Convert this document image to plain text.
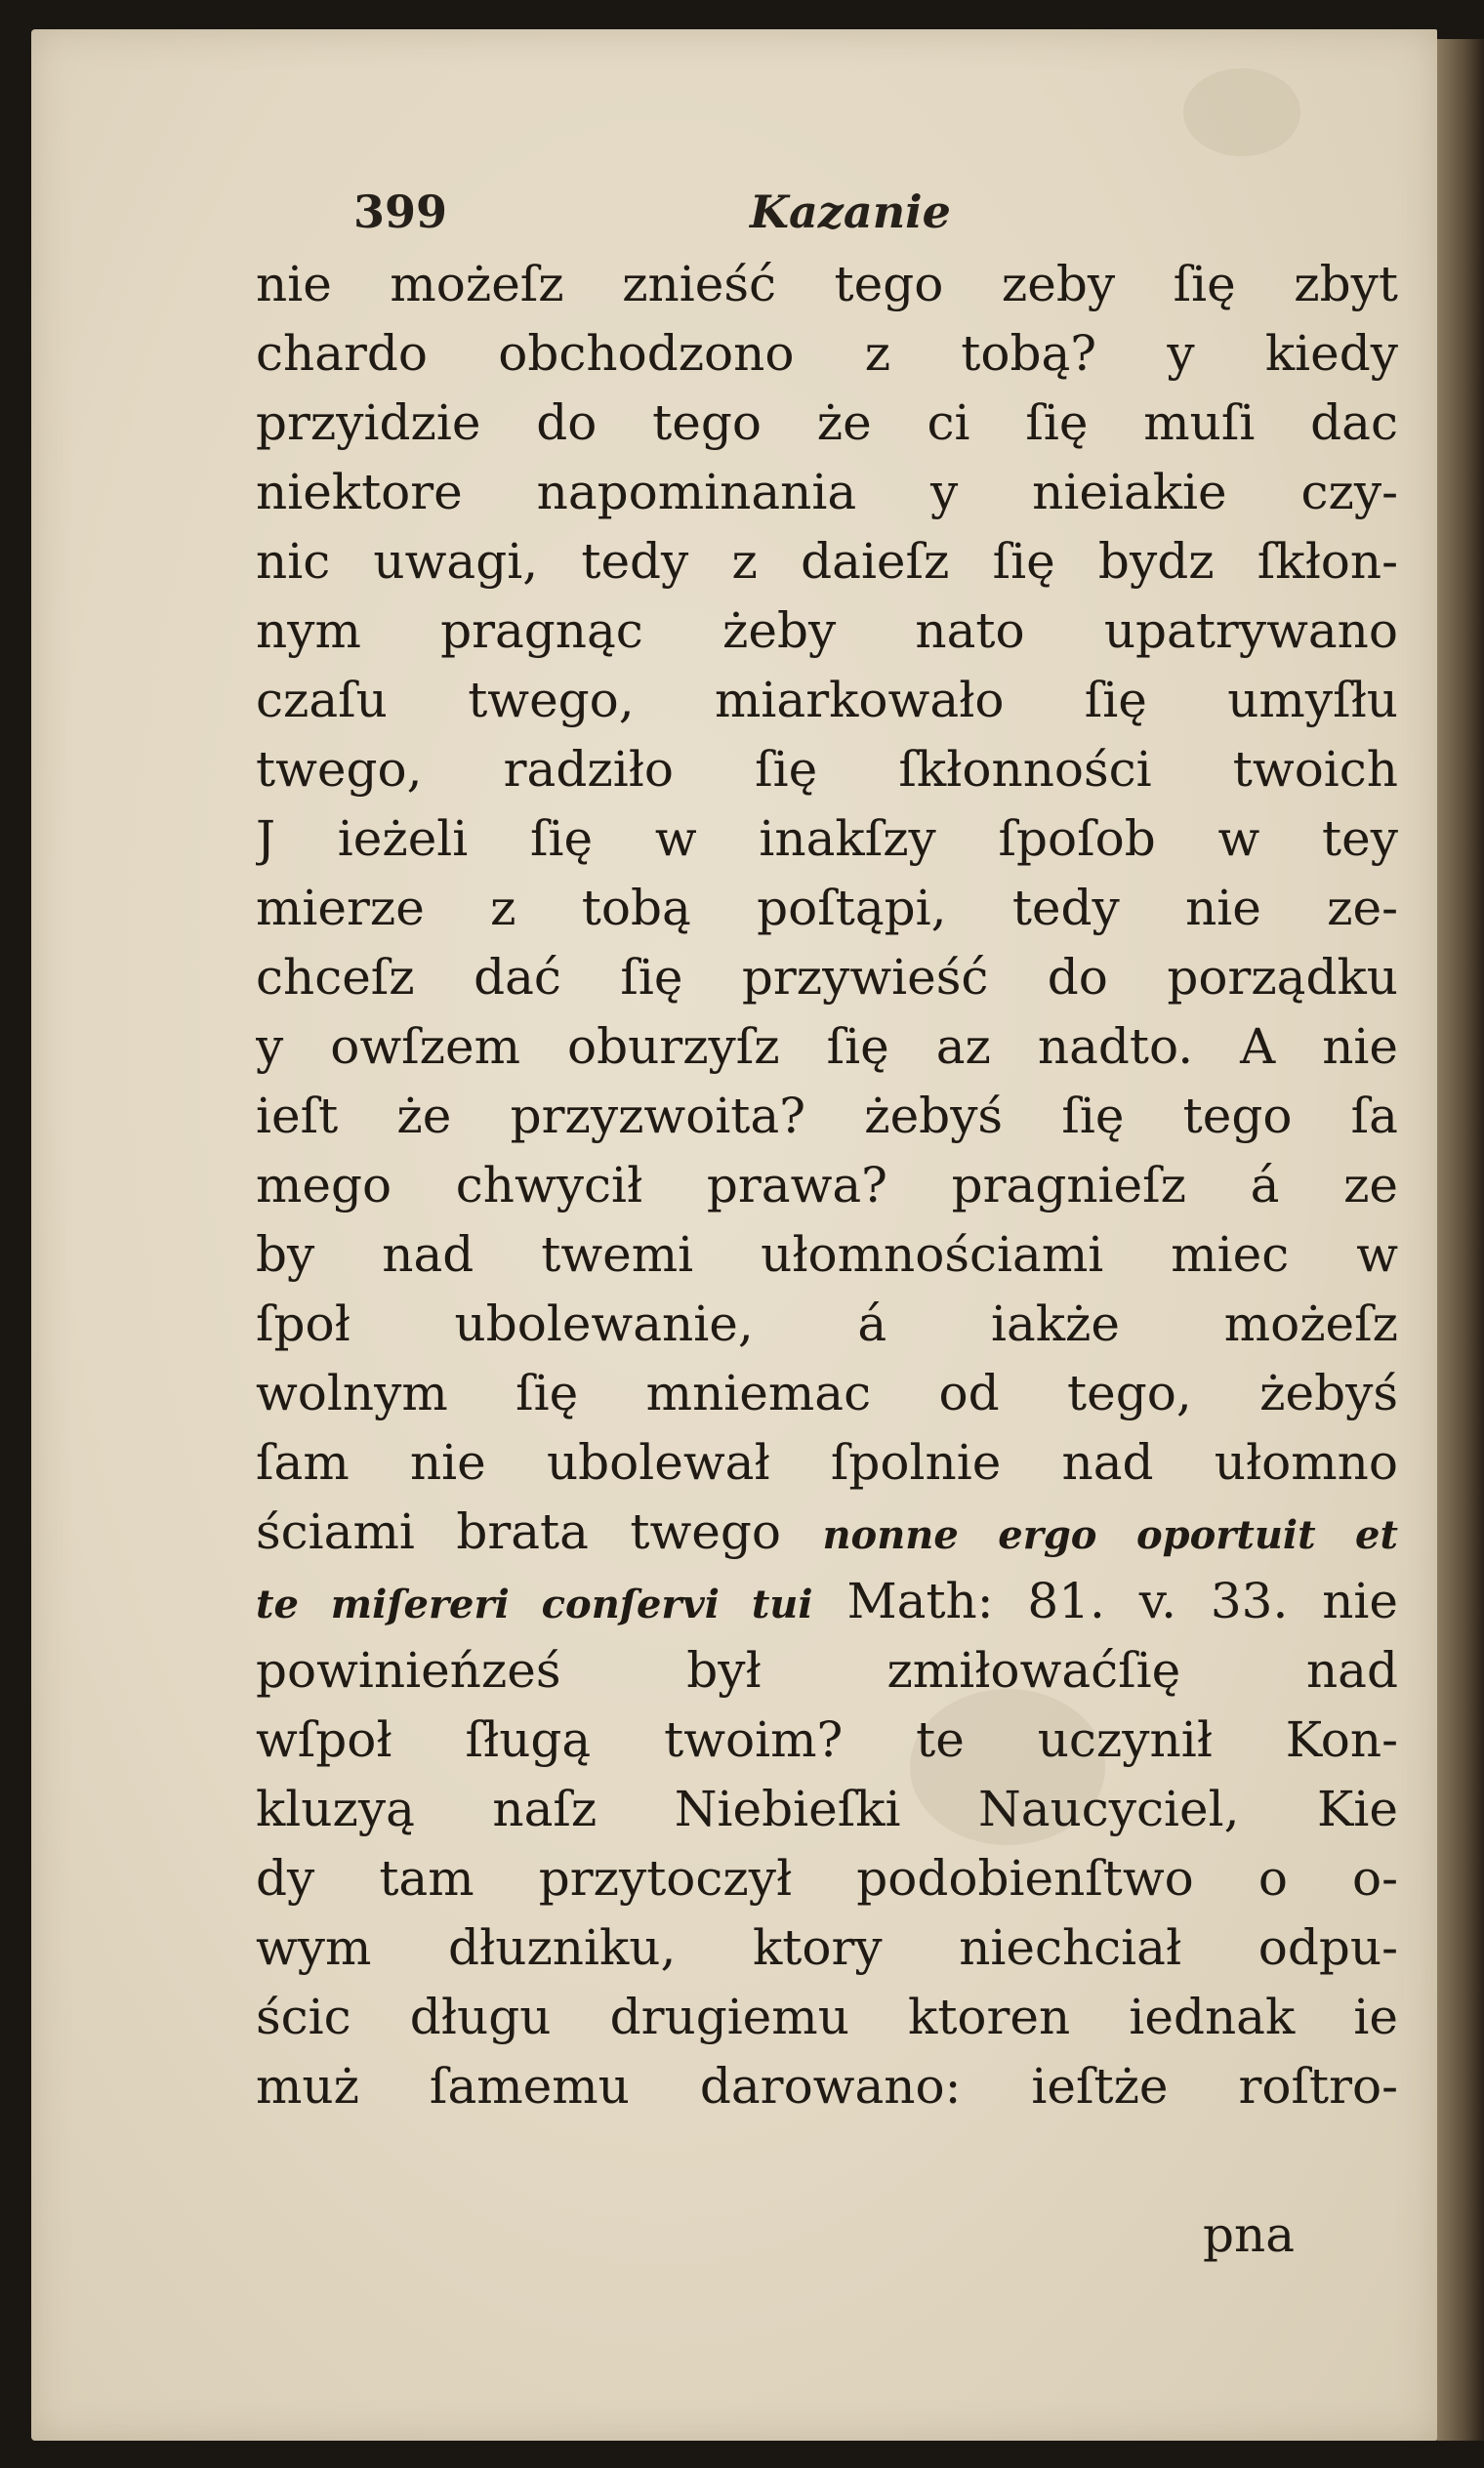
399	Kazanie
nie możeſz znieść tego zeby ſię zbyt
chardo obchodzono z tobą? y kiedy
przyidzie do tego że ci ſię muſi dac
niektore napominania y nieiakie czy-
nic uwagi, tedy z daieſz ſię bydz ſkłon-
nym pragnąc żeby nato upatrywano
czaſu twego, miarkowało ſię umyſłu
twego, radziło ſię ſkłonności twoich
J ieżeli ſię w inakſzy ſpoſob w tey
mierze z tobą poſtąpi, tedy nie ze-
chceſz dać ſię przywieść do porządku
y owſzem oburzyſz ſię az nadto. A nie
ieſt że przyzwoita? żebyś ſię tego ſa
mego chwycił prawa? pragnieſz á ze
by nad twemi ułomnościami miec w
ſpoł ubolewanie, á iakże możeſz
wolnym ſię mniemac od tego, żebyś
ſam nie ubolewał ſpolnie nad ułomno
ściami brata twego nonne ergo oportuit et
te miſereri conſervi tui Math: 81. v. 33. nie
powinieńześ był zmiłowaćſię nad
wſpoł ſługą twoim? te uczynił Kon-
kluzyą naſz Niebieſki Naucyciel, Kie
dy tam przytoczył podobienſtwo o o-
wym dłuzniku, ktory niechciał odpu-
ścic długu drugiemu ktoren iednak ie
muż ſamemu darowano: ieſtże roſtro-
pna
